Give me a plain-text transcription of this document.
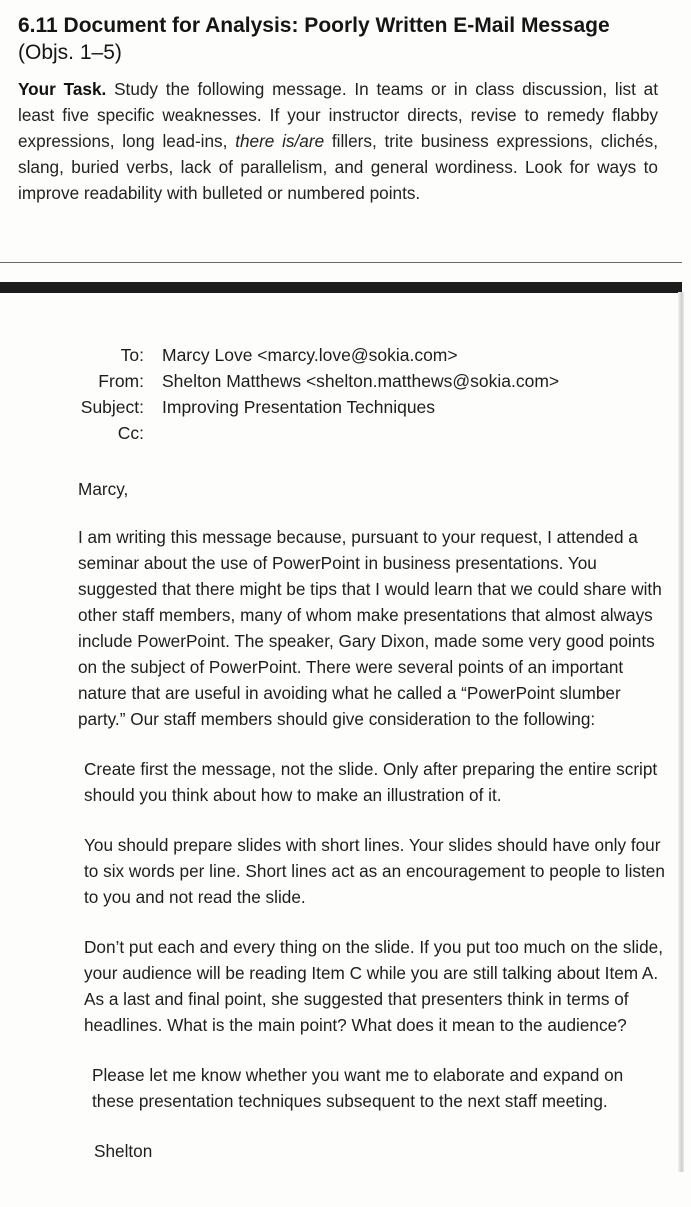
6.11 Document for Analysis: Poorly Written E-Mail Message (Objs. 1–5)

Your Task. Study the following message. In teams or in class discussion, list at least five specific weaknesses. If your instructor directs, revise to remedy flabby expressions, long lead-ins, there is/are fillers, trite business expressions, clichés, slang, buried verbs, lack of parallelism, and general wordiness. Look for ways to improve readability with bulleted or numbered points.
To:	Marcy Love <marcy.love@sokia.com>
From:	Shelton Matthews <shelton.matthews@sokia.com>
Subject:	Improving Presentation Techniques
Cc:

Marcy,

I am writing this message because, pursuant to your request, I attended a seminar about the use of PowerPoint in business presentations. You suggested that there might be tips that I would learn that we could share with other staff members, many of whom make presentations that almost always include PowerPoint. The speaker, Gary Dixon, made some very good points on the subject of PowerPoint. There were several points of an important nature that are useful in avoiding what he called a “PowerPoint slumber party.” Our staff members should give consideration to the following:

Create first the message, not the slide. Only after preparing the entire script should you think about how to make an illustration of it.

You should prepare slides with short lines. Your slides should have only four to six words per line. Short lines act as an encouragement to people to listen to you and not read the slide.

Don’t put each and every thing on the slide. If you put too much on the slide, your audience will be reading Item C while you are still talking about Item A. As a last and final point, she suggested that presenters think in terms of headlines. What is the main point? What does it mean to the audience?

Please let me know whether you want me to elaborate and expand on these presentation techniques subsequent to the next staff meeting.

Shelton
